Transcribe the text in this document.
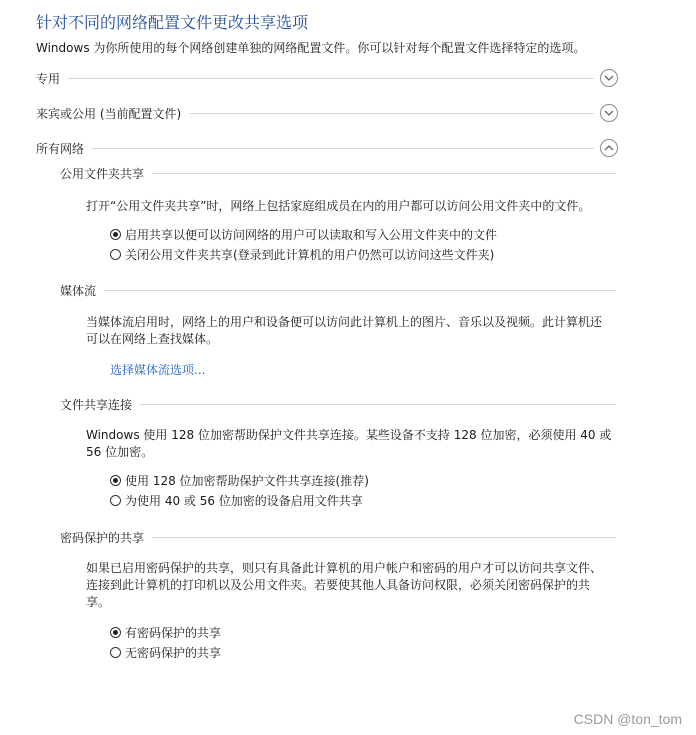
针对不同的网络配置文件更改共享选项
Windows 为你所使用的每个网络创建单独的网络配置文件。你可以针对每个配置文件选择特定的选项。
专用
来宾或公用 (当前配置文件)
所有网络
公用文件夹共享
打开“公用文件夹共享”时，网络上包括家庭组成员在内的用户都可以访问公用文件夹中的文件。
启用共享以便可以访问网络的用户可以读取和写入公用文件夹中的文件
关闭公用文件夹共享(登录到此计算机的用户仍然可以访问这些文件夹)
媒体流
当媒体流启用时，网络上的用户和设备便可以访问此计算机上的图片、音乐以及视频。此计算机还可以在网络上查找媒体。
选择媒体流选项...
文件共享连接
Windows 使用 128 位加密帮助保护文件共享连接。某些设备不支持 128 位加密，必须使用 40 或 56 位加密。
使用 128 位加密帮助保护文件共享连接(推荐)
为使用 40 或 56 位加密的设备启用文件共享
密码保护的共享
如果已启用密码保护的共享，则只有具备此计算机的用户帐户和密码的用户才可以访问共享文件、连接到此计算机的打印机以及公用文件夹。若要使其他人具备访问权限，必须关闭密码保护的共享。
有密码保护的共享
无密码保护的共享
CSDN @ton_tom
